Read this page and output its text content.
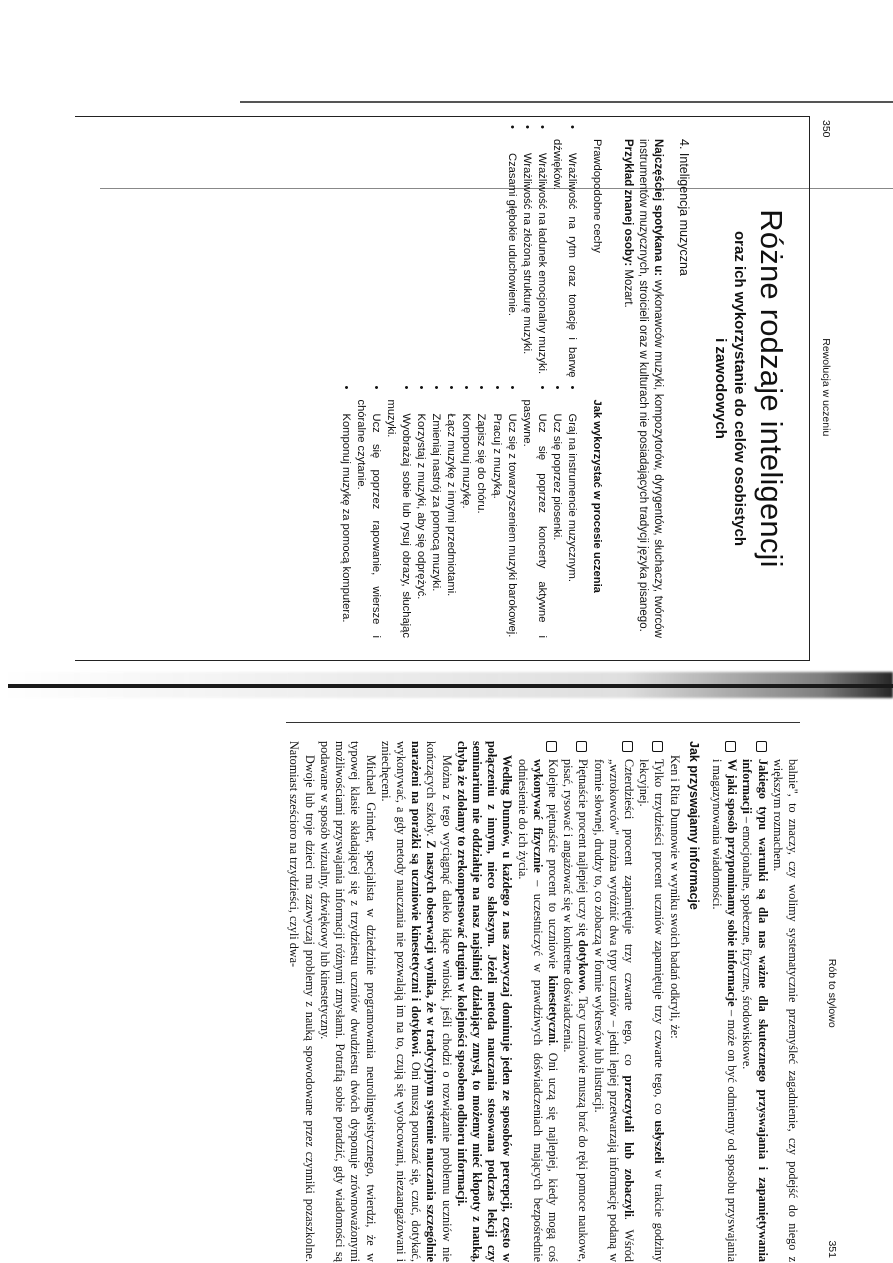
350
Rewolucja w uczeniu
Różne rodzaje inteligencji
oraz ich wykorzystanie do celów osobistych
i zawodowych
4. Inteligencja muzyczna
Najczęściej spotykana u: wykonawców muzyki, kompozytorów, dyrygentów, słuchaczy, twórców instrumentów muzycznych, stroicieli oraz w kulturach nie posiadających tradycji języka pisanego.
Przykład znanej osoby: Mozart.
Prawdopodobne cechy
• Wrażliwość na rytm oraz tonację i barwę dźwięków.
• Wrażliwość na ładunek emocjonalny muzyki.
• Wrażliwość na złożoną strukturę muzyki.
• Czasami głębokie uduchowienie.
Jak wykorzystać w procesie uczenia
• Graj na instrumencie muzycznym.
• Ucz się poprzez piosenki.
• Ucz się poprzez koncerty aktywne i pasywne.
• Ucz się z towarzyszeniem muzyki barokowej.
• Pracuj z muzyką.
• Zapisz się do chóru.
• Komponuj muzykę.
• Łącz muzykę z innymi przedmiotami.
• Zmieniaj nastrój za pomocą muzyki.
• Korzystaj z muzyki, aby się odprężyć.
• Wyobrażaj sobie lub rysuj obrazy, słuchając muzyki.
• Ucz się poprzez rapowanie, wiersze i chóralne czytanie.
• Komponuj muzykę za pomocą komputera.
Rób to stylowo
351

balnie", to znaczy, czy wolimy systematycznie przemyśleć zagadnienie, czy podejść do niego z większym rozmachem.

Jakiego typu warunki są dla nas ważne dla skutecznego przyswajania i zapamiętywania informacji – emocjonalne, społeczne, fizyczne, środowiskowe.

W jaki sposób przypominamy sobie informacje – może on być odmienny od sposobu przyswajania i magazynowania wiadomości.

Jak przyswajamy informacje

Ken i Rita Dunnowie w wyniku swoich badań odkryli, że:

Tylko trzydzieści procent uczniów zapamiętuje trzy czwarte tego, co usłyszeli w trakcie godziny lekcyjnej.

Czterdzieści procent zapamiętuje trzy czwarte tego, co przeczytali lub zobaczyli. Wśród „wzrokowców" można wyróżnić dwa typy uczniów – jedni lepiej przetwarzają informację podaną w formie słownej, drudzy to, co zobaczą w formie wykresów lub ilustracji.

Piętnaście procent najlepiej uczy się dotykowo. Tacy uczniowie muszą brać do ręki pomoce naukowe, pisać, rysować i angażować się w konkretne doświadczenia.

Kolejne piętnaście procent to uczniowie kinestetyczni. Oni uczą się najlepiej, kiedy mogą coś wykonywać fizycznie – uczestniczyć w prawdziwych doświadczeniach mających bezpośrednie odniesienie do ich życia.

Według Dunnów, u każdego z nas zazwyczaj dominuje jeden ze sposobów percepcji, często w połączeniu z innym, nieco słabszym. Jeżeli metoda nauczania stosowana podczas lekcji czy seminarium nie oddziałuje na nasz najsilniej działający zmysł, to możemy mieć kłopoty z nauką, chyba że zdołamy to zrekompensować drugim w kolejności sposobem odbioru informacji.

Można z tego wyciągnąć daleko idące wnioski, jeśli chodzi o rozwiązanie problemu uczniów nie kończących szkoły. Z naszych obserwacji wynika, że w tradycyjnym systemie nauczania szczególnie narażeni na porażki są uczniowie kinestetyczni i dotykowi. Oni muszą poruszać się, czuć, dotykać, wykonywać, a gdy metody nauczania nie pozwalają im na to, czują się wyobcowani, niezaangażowani i zniechęceni.

Michael Grinder, specjalista w dziedzinie programowania neurolingwistycznego, twierdzi, że w typowej klasie składającej się z trzydziestu uczniów dwudziestu dwóch dysponuje zrównoważonymi możliwościami przyswajania informacji różnymi zmysłami. Potrafią sobie poradzić, gdy wiadomości są podawane w sposób wizualny, dźwiękowy lub kinestetyczny.

Dwoje lub troje dzieci ma zazwyczaj problemy z nauką spowodowane przez czynniki pozaszkolne. Natomiast sześcioro na trzydzieści, czyli dwa-
